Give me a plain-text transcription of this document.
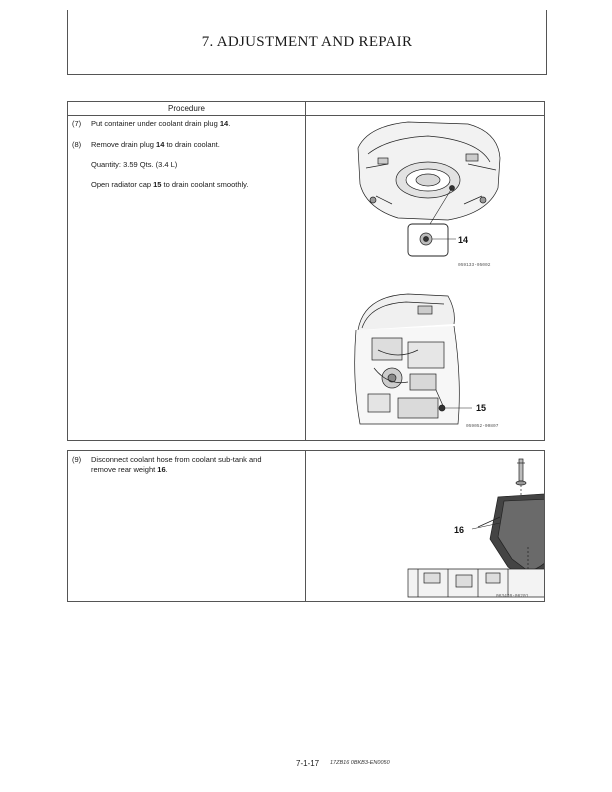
7. ADJUSTMENT AND REPAIR
Procedure
(7) Put container under coolant drain plug 14.
(8) Remove drain plug 14 to drain coolant.
Quantity: 3.59 Qts. (3.4 L)
Open radiator cap 15 to drain coolant smoothly.
14
059133-05002
15
059052-00807
(9) Disconnect coolant hose from coolant sub-tank and
remove rear weight 16.
16
063470-06201
7-1-17 17ZB16 0BKB3-EN0050
